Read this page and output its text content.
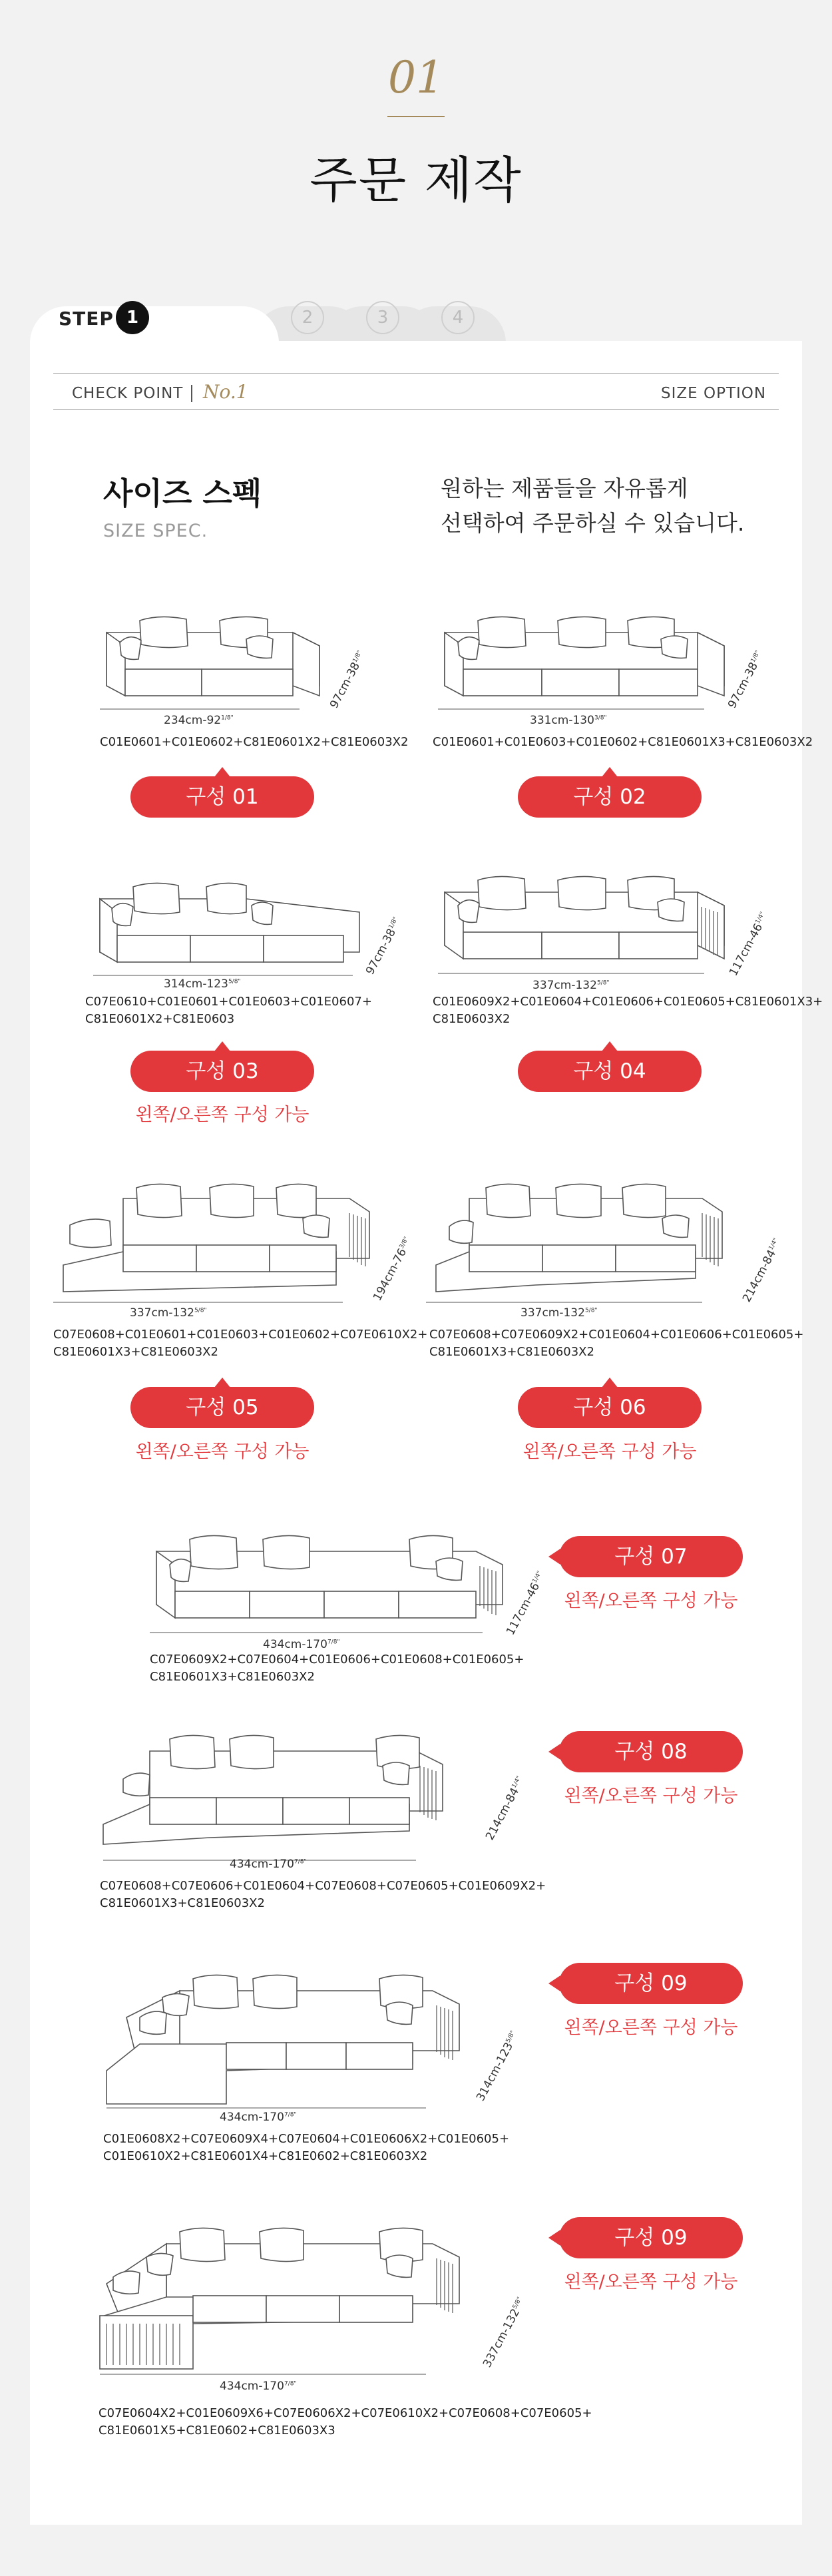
01
주문 제작
2	3	4
STEP 1
CHECK POINT No.1	SIZE OPTION
사이즈 스펙
SIZE SPEC.
원하는 제품들을 자유롭게
선택하여 주문하실 수 있습니다.
$234cm-92^{1/8"}$
$97cm-38^{1/8"}$
C01E0601+C01E0602+C81E0601X2+C81E0603X2
구성 01
$331cm-130^{3/8"}$
$97cm-38^{1/8"}$
C01E0601+C01E0603+C01E0602+C81E0601X3+C81E0603X2
구성 02
$314cm-123^{5/8"}$
$97cm-38^{1/8"}$
C07E0610+C01E0601+C01E0603+C01E0607+ C81E0601X2+C81E0603
구성 03
왼쪽/오른쪽 구성 가능
$337cm-132^{5/8"}$
$117cm-46^{1/4"}$
C01E0609X2+C01E0604+C01E0606+C01E0605+C81E0601X3+ C81E0603X2
구성 04
$337cm-132^{5/8"}$
$194cm-76^{3/8"}$
C07E0608+C01E0601+C01E0603+C01E0602+C07E0610X2+ C81E0601X3+C81E0603X2
구성 05
왼쪽/오른쪽 구성 가능
$337cm-132^{5/8"}$
$214cm-84^{1/4"}$
C07E0608+C07E0609X2+C01E0604+C01E0606+C01E0605+ C81E0601X3+C81E0603X2
구성 06
왼쪽/오른쪽 구성 가능
$434cm-170^{7/8"}$
$117cm-46^{1/4"}$
C07E0609X2+C07E0604+C01E0606+C01E0608+C01E0605+ C81E0601X3+C81E0603X2
구성 07
왼쪽/오른쪽 구성 가능
$434cm-170^{7/8"}$
$214cm-84^{1/4"}$
C07E0608+C07E0606+C01E0604+C07E0608+C07E0605+C01E0609X2+ C81E0601X3+C81E0603X2
구성 08
왼쪽/오른쪽 구성 가능
$434cm-170^{7/8"}$
$314cm-123^{5/8"}$
C01E0608X2+C07E0609X4+C07E0604+C01E0606X2+C01E0605+ C01E0610X2+C81E0601X4+C81E0602+C81E0603X2
구성 09
왼쪽/오른쪽 구성 가능
$434cm-170^{7/8"}$
$337cm-132^{5/8"}$
C07E0604X2+C01E0609X6+C07E0606X2+C07E0610X2+C07E0608+C07E0605+ C81E0601X5+C81E0602+C81E0603X3
구성 09
왼쪽/오른쪽 구성 가능
